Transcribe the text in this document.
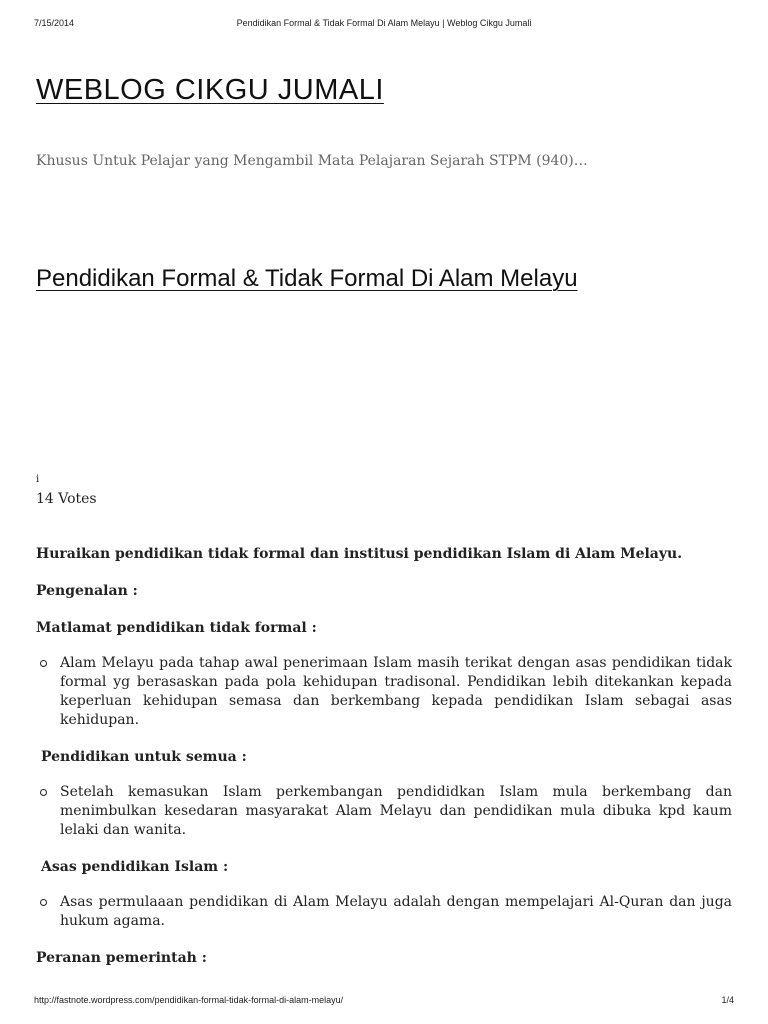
7/15/2014	Pendidikan Formal & Tidak Formal Di Alam Melayu | Weblog Cikgu Jumali
WEBLOG CIKGU JUMALI

Khusus Untuk Pelajar yang Mengambil Mata Pelajaran Sejarah STPM (940)…

Pendidikan Formal & Tidak Formal Di Alam Melayu
i
14 Votes

Huraikan pendidikan tidak formal dan institusi pendidikan Islam di Alam Melayu.

Pengenalan :

Matlamat pendidikan tidak formal :

Alam Melayu pada tahap awal penerimaan Islam masih terikat dengan asas pendidikan tidak formal yg berasaskan pada pola kehidupan tradisonal. Pendidikan lebih ditekankan kepada keperluan kehidupan semasa dan berkembang kepada pendidikan Islam sebagai asas kehidupan.

Pendidikan untuk semua :

Setelah kemasukan Islam perkembangan pendididkan Islam mula berkembang dan menimbulkan kesedaran masyarakat Alam Melayu dan pendidikan mula dibuka kpd kaum lelaki dan wanita.

Asas pendidikan Islam :

Asas permulaaan pendidikan di Alam Melayu adalah dengan mempelajari Al-Quran dan juga hukum agama.

Peranan pemerintah :

http://fastnote.wordpress.com/pendidikan-formal-tidak-formal-di-alam-melayu/	1/4
